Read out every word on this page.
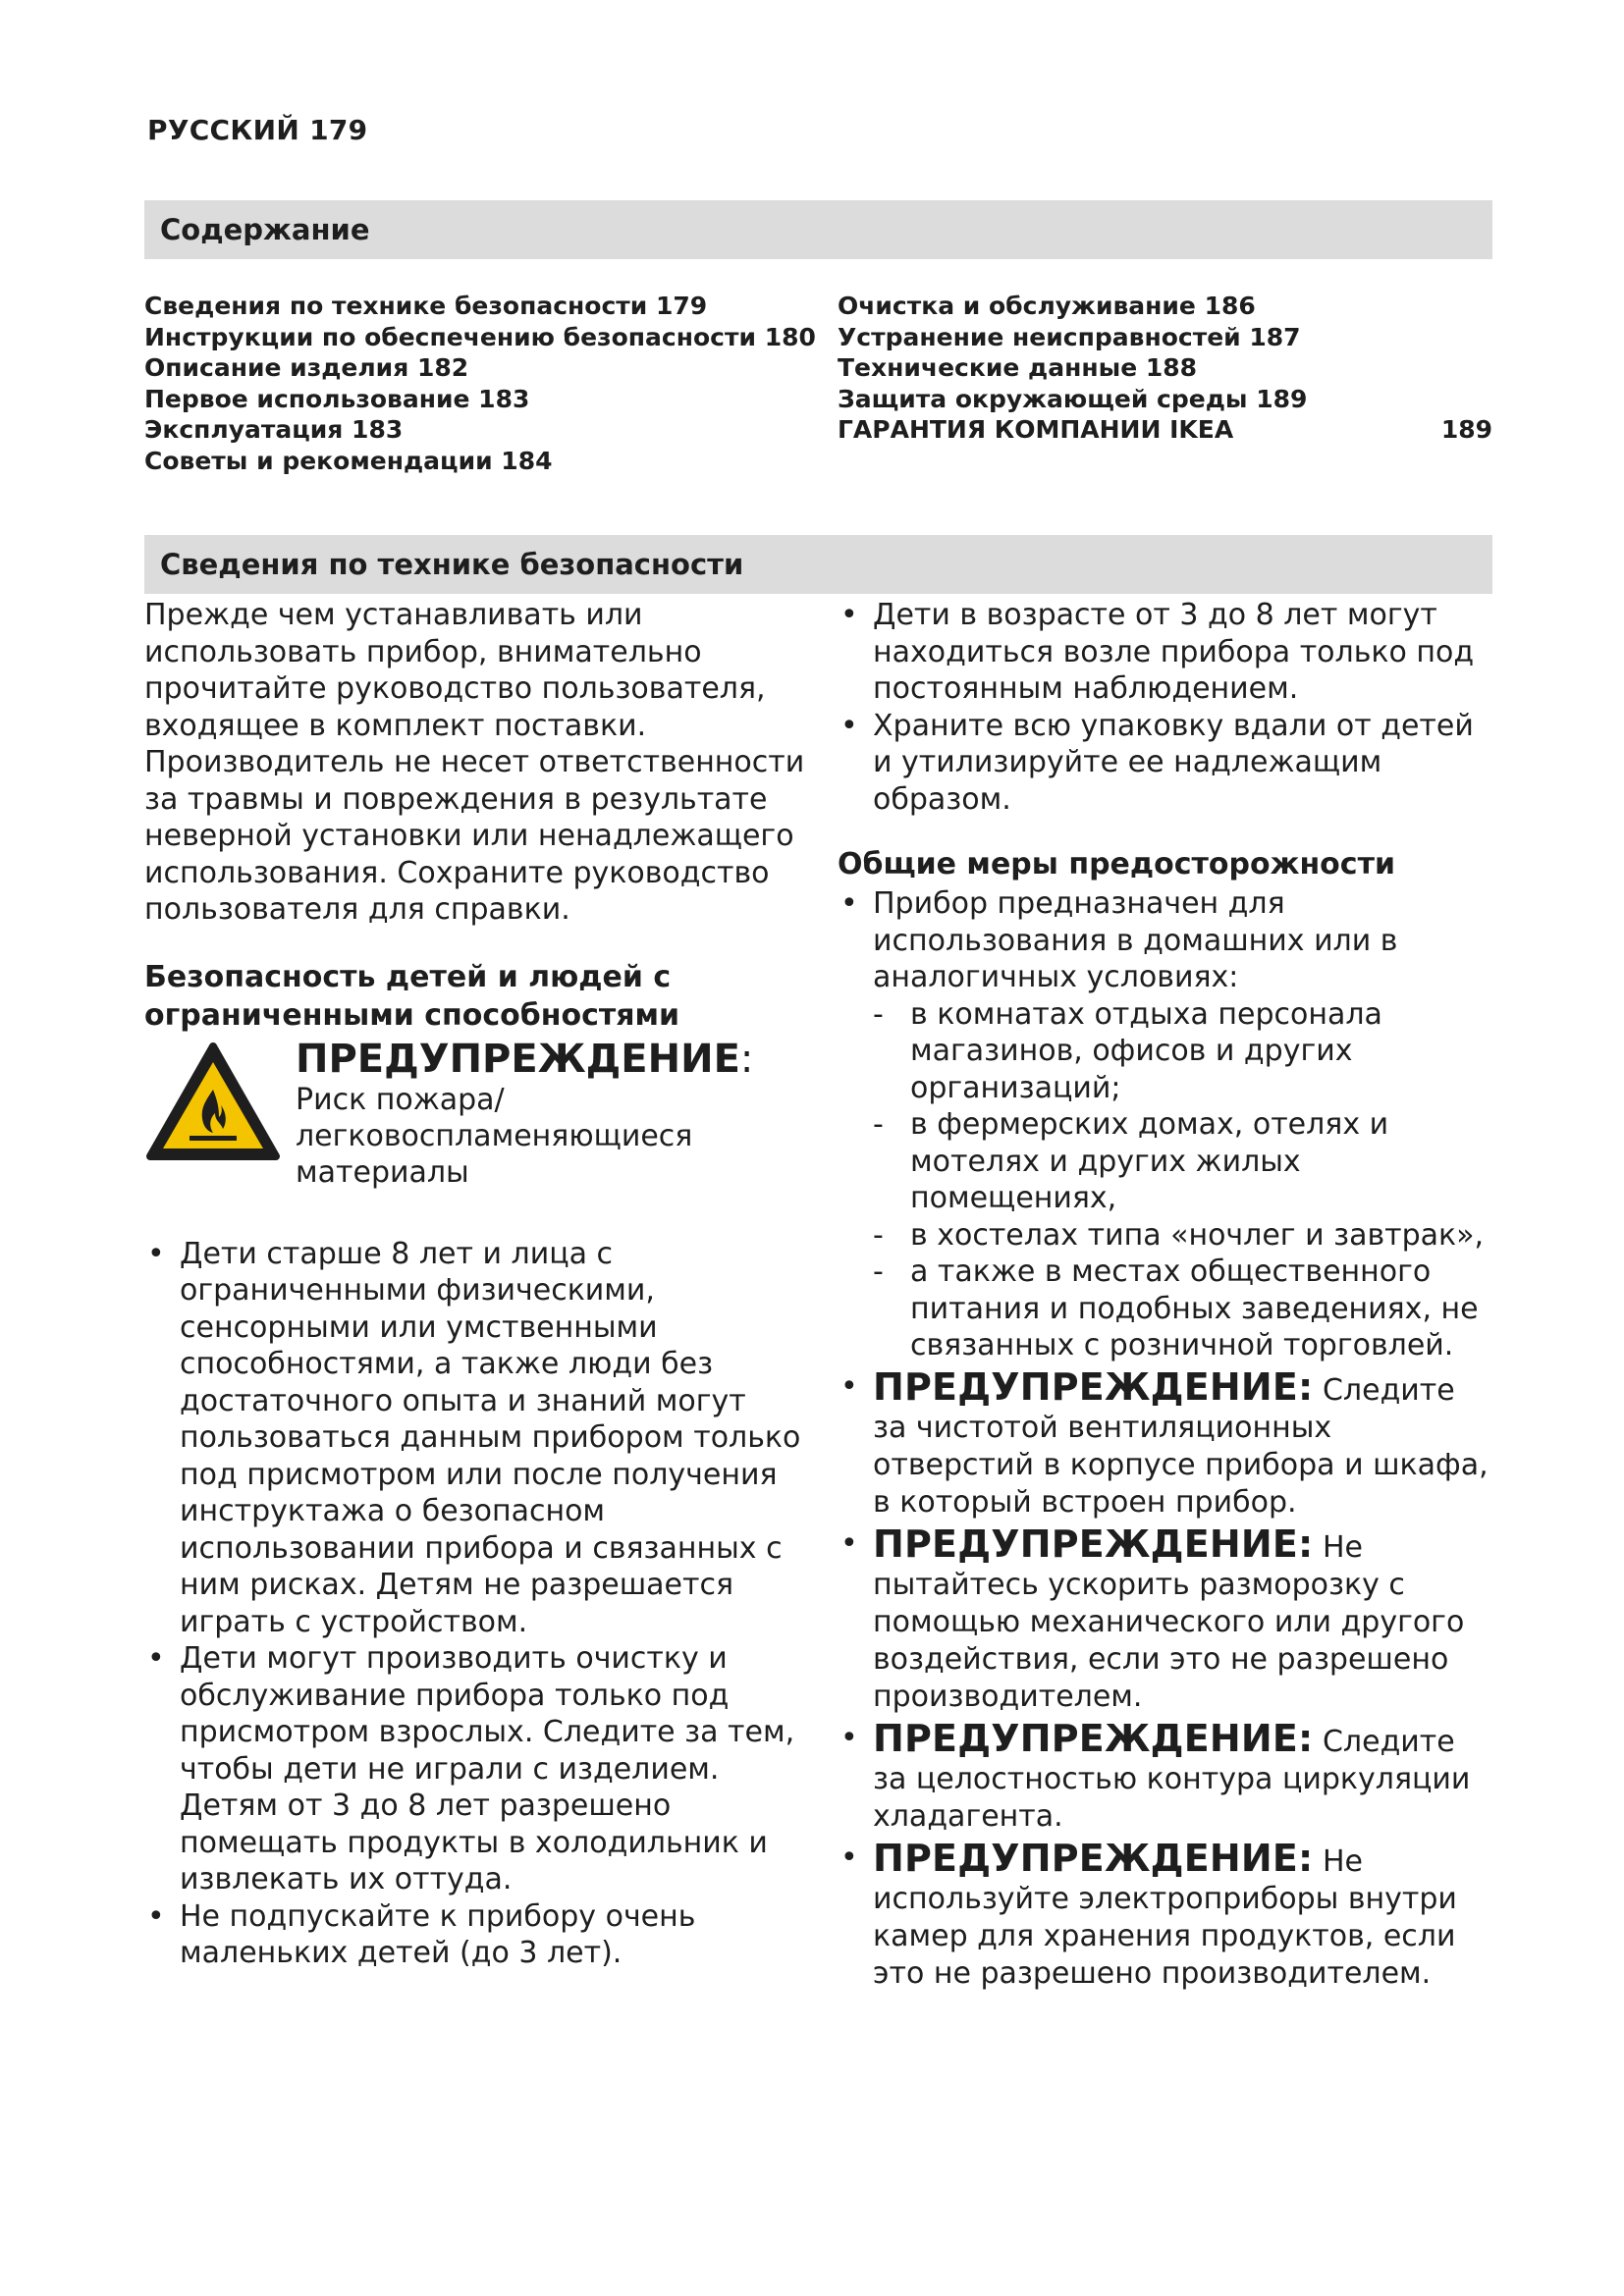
РУССКИЙ 179
Содержание
Сведения по технике безопасности 179
Инструкции по обеспечению безопасности 180
Описание изделия 182
Первое использование 183
Эксплуатация 183
Советы и рекомендации 184
Очистка и обслуживание 186
Устранение неисправностей 187
Технические данные 188
Защита окружающей среды 189
ГАРАНТИЯ КОМПАНИИ IKEA	189
Сведения по технике безопасности

Прежде чем устанавливать или использовать прибор, внимательно прочитайте руководство пользователя, входящее в комплект поставки. Производитель не несет ответственности за травмы и повреждения в результате неверной установки или ненадлежащего использования. Сохраните руководство пользователя для справки.

Безопасность детей и людей с ограниченными способностями

ПРЕДУПРЕЖДЕНИЕ:
Риск пожара/ легковоспламеняющиеся материалы
• Дети старше 8 лет и лица с ограниченными физическими, сенсорными или умственными способностями, а также люди без достаточного опыта и знаний могут пользоваться данным прибором только под присмотром или после получения инструктажа о безопасном использовании прибора и связанных с ним рисках. Детям не разрешается играть с устройством.
• Дети могут производить очистку и обслуживание прибора только под присмотром взрослых. Следите за тем, чтобы дети не играли с изделием. Детям от 3 до 8 лет разрешено помещать продукты в холодильник и извлекать их оттуда.
• Не подпускайте к прибору очень маленьких детей (до 3 лет).
• Дети в возрасте от 3 до 8 лет могут находиться возле прибора только под постоянным наблюдением.
• Храните всю упаковку вдали от детей и утилизируйте ее надлежащим образом.

Общие меры предосторожности

• Прибор предназначен для использования в домашних или в аналогичных условиях:
- в комнатах отдыха персонала магазинов, офисов и других организаций;
- в фермерских домах, отелях и мотелях и других жилых помещениях,
- в хостелах типа «ночлег и завтрак»,
- а также в местах общественного питания и подобных заведениях, не связанных с розничной торговлей.
• ПРЕДУПРЕЖДЕНИЕ: Следите за чистотой вентиляционных отверстий в корпусе прибора и шкафа, в который встроен прибор.
• ПРЕДУПРЕЖДЕНИЕ: Не пытайтесь ускорить разморозку с помощью механического или другого воздействия, если это не разрешено производителем.
• ПРЕДУПРЕЖДЕНИЕ: Следите за целостностью контура циркуляции хладагента.
• ПРЕДУПРЕЖДЕНИЕ: Не используйте электроприборы внутри камер для хранения продуктов, если это не разрешено производителем.
